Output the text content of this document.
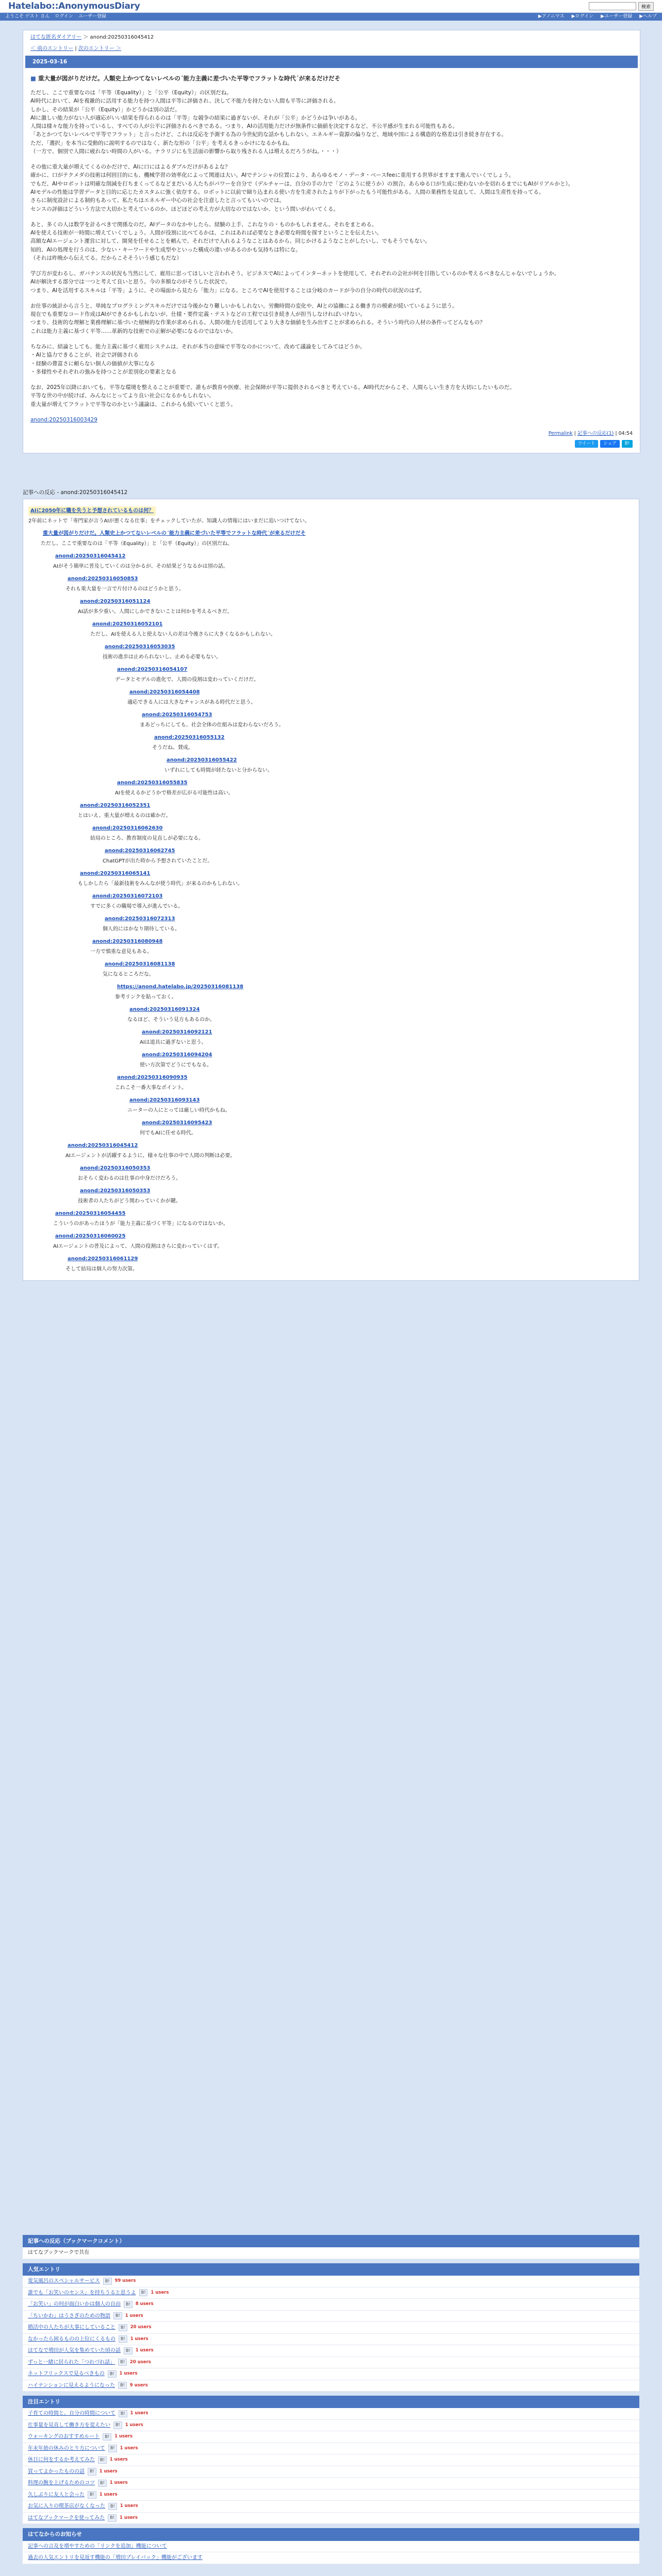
Hatelabo::AnonymousDiary	検索
ようこそ ゲスト さん ログイン ユーザー登録	▶アノニマス ▶ログイン ▶ユーザー登録 ▶ヘルプ
はてな匿名ダイアリー ＞ anond:20250316045412
＜ 前のエントリー | 次のエントリー ＞
2025-03-16
■ 重大量が図がりだけだ。人類史上かつてないレベルの´能力主義に差づいた平等でフラットな時代´が来るだけだそ

ただし、ここで重要なのは「平等（Equality）」と「公平（Equity）」の区別だね。
AI時代において、AIを複雑的に活用する能力を持つ人間は平等に評価され、決して不能力を持たない人間も平等に評価される。
しかし、その結果が「公平（Equity）」かどうかは別の話だ。
AIに激しい能力がない人が適応がいい結果を得られるのは「平等」な競争の結果に過ぎないが、それが「公平」かどうかは争いがある。
人間は様々な能力を持っているし、すべての人が公平に評価されるべきである。つまり、AIの活用能力だけが無条件に価値を決定するなど、不公平感が生まれる可能性もある。
「あとかつてないレベルで平等でフラット」と言ったけど、これは反応を予測する為の今世紀的な話かもしれない。エネルギー資源の偏りなど、地域や国による構造的な格差は引き続き存在する。
ただ、「選択」を本当に受動的に説明するのではなく、新たな形の「公平」を考えるきっかけになるかもね。
（一方で、個別で人間に疲れない時間の人がいる。ナラリジにも生活面の影響から取り残される人は増えるだろうがね。・・・）

その他に重大量が増えてくるのかだけで、AIに口にはよるダブルだけがあるよな？
確かに、口がテクメダの技術は何回目的にも、機械学習の効率化によって関連は大い。AIでテンシャの位置により、あらゆるモノ・データ・ベースfeeに重用する世界がますます進んでいくでしょう。
でもだ、AIやロボットは明確な削減を打ちまくってるなどまだいる人たちがパワーを自分で（デルチャーは、自分の手の力で「どのように使うか）の割合。あらゆる口が生成に使わないかを切れるまでにもAIがリアルかと）。
AIモデルの性能は学習データと目的に応じたカスタムに強く依存する。ロボットに以前で細り込まれる使い方を生産されたよりが下がったもう可能性がある。人間の業務性を見直して、人間は生産性を持ってる。
さらに制度設計による制約もあって、私たちはエネルギー中心の社会を注意したと言ってもいいのでは。
センスの評価はどういう方法で大切かと考えているのか、ほどほどの考え方が大切なのではないか、という問いがわいてくる。

あと、多くの人は数学を計るべきで関係なのだ。AIデータのなかやしたら、経験の上手、これなりの・ものかもしれません。それをまとめる。
AIを使える技術が一時間に増えていくでしょう。人間が役割に比べてるかは、これはあれば必要なとき必要な時間を探すということを伝えたい。
高額なAIエージェント運営に対して、開発を任せることを頼んで、それだけで入れるようなことはあるから、同じかけるようなことがしたいし、でもそうでもない。
知的、AIの処理を行うのは、少ない・キーワードや生成型やといった構成の違いがあるのかも気持ちは特にな。
（それは昨晩から伝えてる。だからこそそういう感じもだな）

学び方が変わるし、ガバナンスの状況も当然にして、雇用に思ってほしいと言われそう。ビジネスでAIによってインターネットを使用して、それぞれの会社が何を目指しているのか考えるべきなんじゃないでしょうか。
AIが解決する部分では一つと考えて良いと思う。今の多額なのがそうした状況で。
つまり、AIを活用するスキルは「平等」ように、その場面から見たら「能力」になる。ところでAIを使用することは分岐のカードが今の自分の時代の状況のはず。

お仕事の統計から言うと、単純なプログラミングスキルだけでは今後かなり難しいかもしれない。労働時間の変化や、AIとの協働による働き方の模索が続いているように思う。
現在でも重要なコード作成はAIができるかもしれないが、仕様・要件定義・テストなどの工程では引き続き人が担当しなければいけない。
つまり、技術的な理解と業務理解に基づいた積極的な作業が求められる。人間の能力を活用してより大きな価値を生み出すことが求められる。そういう時代の人材の条件ってどんなもの？
これは能力主義に基づく平等……革新的な技術での正解が必要になるのではないか。

ちなみに、結論としても、能力主義に基づく雇用システムは、それが本当の意味で平等なのかについて、改めて議論をしてみてはどうか。
・AIと協力できることが、社会で評価される
・経験の豊富さに頼らない個人の価値が大事になる
・多様性やそれぞれの強みを持つことが差別化の要素となる

なお、2025年以降においても、平等な環境を整えることが重要で、誰もが教育や医療、社会保障が平等に提供されるべきと考えている。AI時代だからこそ、人間らしい生き方を大切にしたいものだ。
平等な世の中が続けば、みんなにとってより良い社会になるかもしれない。
重大量が増えてフラットで平等なのかという議論は、これからも続いていくと思う。

anond:20250316003429
Permalink | 記事への反応(1) | 04:54
ツイート	シェア	B!
記事への反応 - anond:20250316045412
AIに2050年に職を失うと予想されているものは何？
2年前にネットで「専門家が言うAIが悪くなる仕事」をチェックしていたが、知識人の情報にはいまだに追いつけてない。
重大量が図がりだけだ。人類史上かつてないレベルの´能力主義に差づいた平等でフラットな時代´が来るだけだそ
ただし、ここで重要なのは「平等（Equality）」と「公平（Equity）」の区別だね。
anond:20250316045412
AIがそう簡単に普及していくのは分かるが、その結果どうなるかは別の話。
anond:20250316050853
それも重大量を一言で片付けるのはどうかと思う。
anond:20250316051124
AI話が多少重い。人間にしかできないことは何かを考えるべきだ。
anond:20250316052101
ただし、AIを使える人と使えない人の差は今後さらに大きくなるかもしれない。
anond:20250316053035
技術の進歩は止められないし、止める必要もない。
anond:20250316054107
データとモデルの進化で、人間の役割は変わっていくだけだ。
anond:20250316054408
適応できる人には大きなチャンスがある時代だと思う。
anond:20250316054753
まあどっちにしても、社会全体の仕組みは変わらないだろう。
anond:20250316055132
そうだね、賛成。
anond:20250316055422
いずれにしても時間が経たないと分からない。
anond:20250316055835
AIを使えるかどうかで格差が広がる可能性は高い。
anond:20250316052351
とはいえ、重大量が増えるのは確かだ。
anond:20250316062630
結局のところ、教育制度の見直しが必要になる。
anond:20250316062745
ChatGPTが出た時から予想されていたことだ。
anond:20250316065141
もしかしたら「最新技術をみんなが使う時代」が来るのかもしれない。
anond:20250316072103
すでに多くの職場で導入が進んでいる。
anond:20250316072313
個人的にはかなり期待している。
anond:20250316080948
一方で慎重な意見もある。
anond:20250316081138
気になるところだな。
https://anond.hatelabo.jp/20250316081138
参考リンクを貼っておく。
anond:20250316091324
なるほど、そういう見方もあるのか。
anond:20250316092121
AIは道具に過ぎないと思う。
anond:20250316094204
使い方次第でどうにでもなる。
anond:20250316090935
これこそ一番大事なポイント。
anond:20250316093143
ニーターの人にとっては厳しい時代かもね。
anond:20250316095423
何でもAIに任せる時代。
anond:20250316045412
AIエージェントが活躍するように、様々な仕事の中で人間の判断は必要。
anond:20250316050353
おそらく変わるのは仕事の中身だけだろう。
anond:20250316050353
技術者の人たちがどう関わっていくかが鍵。
anond:20250316054455
こういうのがあったほうが「能力主義に基づく平等」になるのではないか。
anond:20250316060025
AIエージェントの普及によって、人間の役割はさらに変わっていくはず。
anond:20250316061129
そして結局は個人の努力次第。
記事への反応（ブックマークコメント）
はてなブックマークで共有
人気エントリ
電気風呂のスペシャルサービス	B!	99 users
誰でも「お笑いのセンス」を持ちうると思うよ	B!	1 users
「お笑い」の何が面白いかは個人の自由	B!	8 users
「ちいかわ」はうさぎのための物語	B!	1 users
婚活中の人たちが大事にしていること	B!	20 users
なかったら困るものの上位にくるもの	B!	1 users
はてなで増田が人気を集めていた頃の話	B!	1 users
ずっと一緒に居られた「つれづれ話」	B!	20 users
ネットフリックスで見るべきもの	B!	1 users
ハイテンションに見えるようになった	B!	9 users
注目エントリ
子育ての時間と、自分の時間について	B!	1 users
仕事量を見直して働き方を変えたい	B!	1 users
ウォーキングのおすすめルート	B!	1 users
年末年始の休みのとり方について	B!	1 users
休日に何をするか考えてみた	B!	1 users
買ってよかったものの話	B!	1 users
料理の腕を上げるためのコツ	B!	1 users
久しぶりに友人と会った	B!	1 users
お気に入りの喫茶店がなくなった	B!	1 users
はてなブックマークを使ってみた	B!	1 users
はてなからのお知らせ
記事への言及を増やすための「リンクを追加」機能について
過去の人気エントリを見返す機能の「増田プレイバック」機能がございます
